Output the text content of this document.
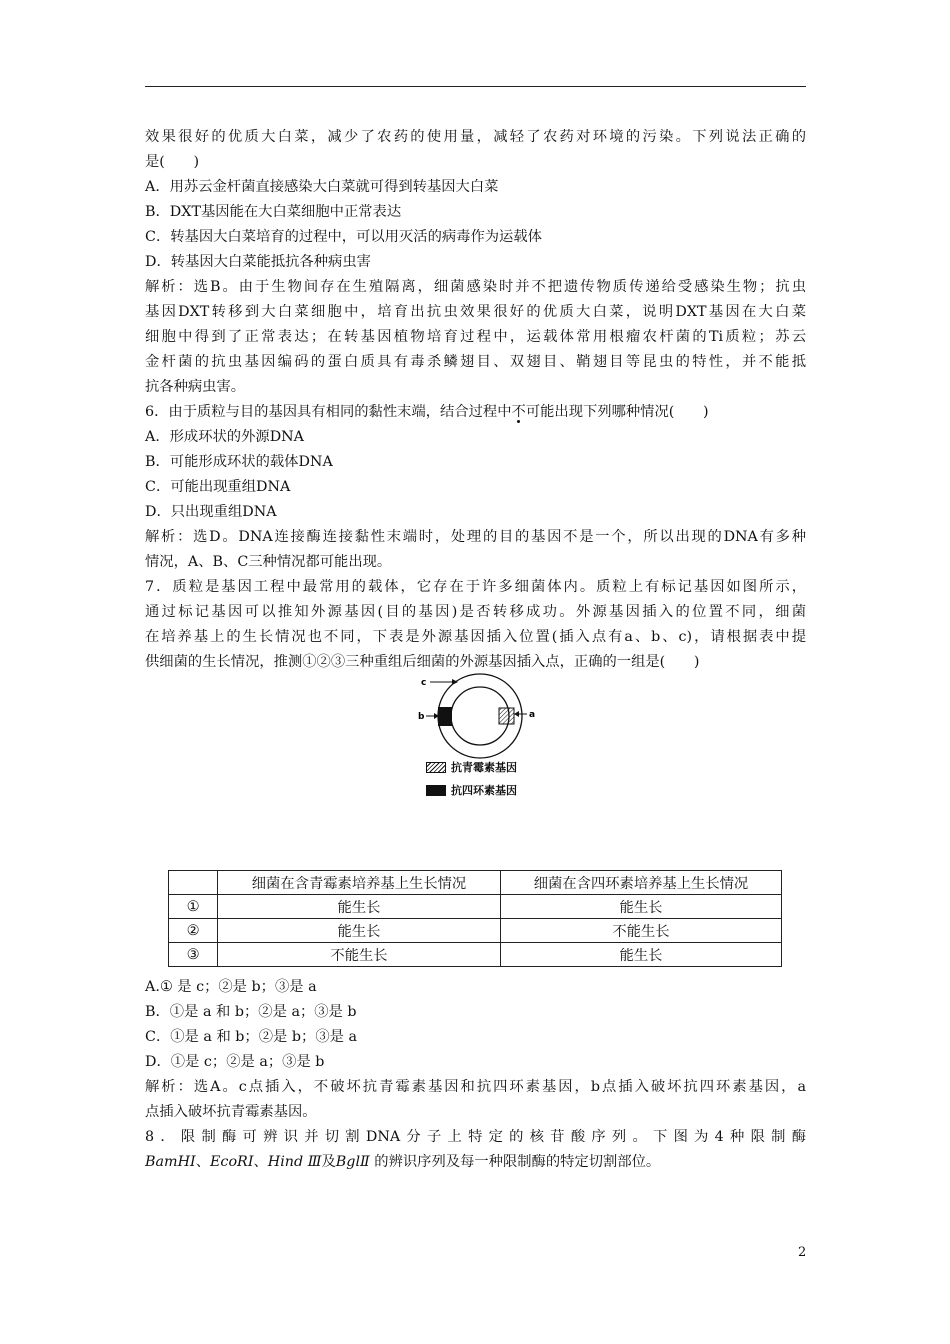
效果很好的优质大白菜，减少了农药的使用量，减轻了农药对环境的污染。下列说法正确的
是(　　)
A．用苏云金杆菌直接感染大白菜就可得到转基因大白菜
B．DXT基因能在大白菜细胞中正常表达
C．转基因大白菜培育的过程中，可以用灭活的病毒作为运载体
D．转基因大白菜能抵抗各种病虫害
解析：选B。由于生物间存在生殖隔离，细菌感染时并不把遗传物质传递给受感染生物；抗虫
基因DXT转移到大白菜细胞中，培育出抗虫效果很好的优质大白菜，说明DXT基因在大白菜
细胞中得到了正常表达；在转基因植物培育过程中，运载体常用根瘤农杆菌的Ti质粒；苏云
金杆菌的抗虫基因编码的蛋白质具有毒杀鳞翅目、双翅目、鞘翅目等昆虫的特性，并不能抵
抗各种病虫害。
6．由于质粒与目的基因具有相同的黏性末端，结合过程中不可能出现下列哪种情况(　　)
A．形成环状的外源DNA
B．可能形成环状的载体DNA
C．可能出现重组DNA
D．只出现重组DNA
解析：选D。DNA连接酶连接黏性末端时，处理的目的基因不是一个，所以出现的DNA有多种
情况，A、B、C三种情况都可能出现。
7．质粒是基因工程中最常用的载体，它存在于许多细菌体内。质粒上有标记基因如图所示，
通过标记基因可以推知外源基因(目的基因)是否转移成功。外源基因插入的位置不同，细菌
在培养基上的生长情况也不同，下表是外源基因插入位置(插入点有a、b、c)，请根据表中提
供细菌的生长情况，推测①②③三种重组后细菌的外源基因插入点，正确的一组是(　　)
c
b	a
抗青霉素基因
抗四环素基因
	细菌在含青霉素培养基上生长情况	细菌在含四环素培养基上生长情况
①	能生长	能生长
②	能生长	不能生长
③	不能生长	能生长
A.① 是 c；②是 b；③是 a
B．①是 a 和 b；②是 a；③是 b
C．①是 a 和 b；②是 b；③是 a
D．①是 c；②是 a；③是 b
解析：选A。c点插入，不破坏抗青霉素基因和抗四环素基因，b点插入破坏抗四环素基因，a
点插入破坏抗青霉素基因。
8．限制酶可辨识并切割DNA分子上特定的核苷酸序列。下图为4种限制酶
BamHⅠ、EcoRⅠ、Hind Ⅲ及BglⅡ 的辨识序列及每一种限制酶的特定切割部位。
2
